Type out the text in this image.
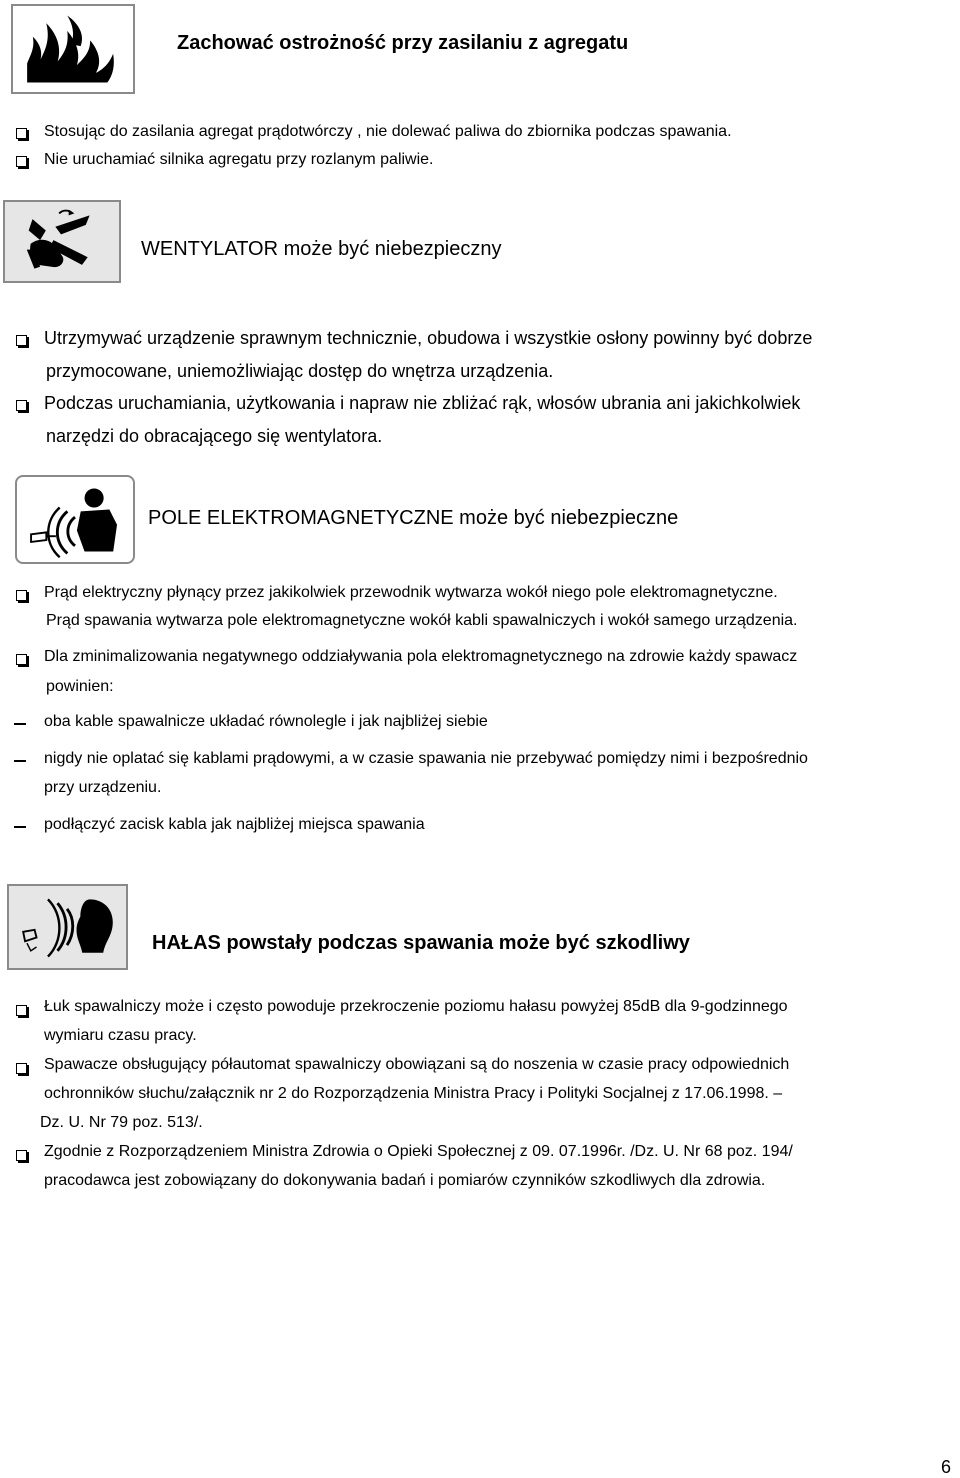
Zachować ostrożność przy zasilaniu z agregatu
Stosując do zasilania agregat prądotwórczy , nie dolewać paliwa do zbiornika podczas spawania.
Nie uruchamiać silnika agregatu przy rozlanym paliwie.
WENTYLATOR może być niebezpieczny
Utrzymywać urządzenie sprawnym technicznie, obudowa i wszystkie osłony powinny być dobrze
przymocowane, uniemożliwiając dostęp do wnętrza urządzenia.
Podczas uruchamiania, użytkowania i napraw nie zbliżać rąk, włosów ubrania ani jakichkolwiek
narzędzi do obracającego się wentylatora.
POLE ELEKTROMAGNETYCZNE może być niebezpieczne
Prąd elektryczny płynący przez jakikolwiek przewodnik wytwarza wokół niego pole elektromagnetyczne.
Prąd spawania wytwarza pole elektromagnetyczne wokół kabli spawalniczych i wokół samego urządzenia.
Dla zminimalizowania negatywnego oddziaływania pola elektromagnetycznego na zdrowie każdy spawacz
powinien:
oba kable spawalnicze układać równolegle i jak najbliżej siebie
nigdy nie oplatać się kablami prądowymi, a w czasie spawania nie przebywać pomiędzy nimi i bezpośrednio
przy urządzeniu.
podłączyć zacisk kabla jak najbliżej miejsca spawania
HAŁAS powstały podczas spawania może być szkodliwy
Łuk spawalniczy może i często powoduje przekroczenie poziomu hałasu powyżej 85dB dla 9-godzinnego
wymiaru czasu pracy.
Spawacze obsługujący półautomat spawalniczy obowiązani są do noszenia w czasie pracy odpowiednich
ochronników słuchu/załącznik nr 2 do Rozporządzenia Ministra Pracy i Polityki Socjalnej z 17.06.1998. –
Dz. U. Nr 79 poz. 513/.
Zgodnie z Rozporządzeniem Ministra Zdrowia o Opieki Społecznej z 09. 07.1996r. /Dz. U. Nr 68 poz. 194/
pracodawca jest zobowiązany do dokonywania badań i pomiarów czynników szkodliwych dla zdrowia.
6
